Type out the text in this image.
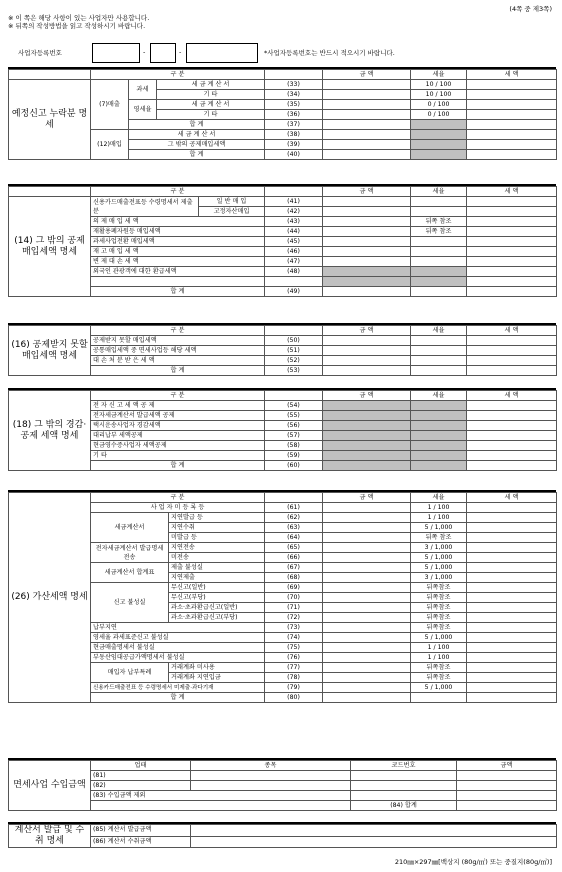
(4쪽 중 제3쪽)
※ 이 쪽은 해당 사항이 있는 사업자만 사용합니다.
※ 뒤쪽의 작성방법을 읽고 작성하시기 바랍니다.
사업자등록번호	-	-	*사업자등록번호는 반드시 적으시기 바랍니다.
	구 분				금 액	세율	세 액
예정신고 누락분 명세	(7)매출	과세	세 금 계 산 서	(33)		10 / 100	
			기 타	(34)		10 / 100	
		영세율	세 금 계 산 서	(35)		0 / 100	
			기 타	(36)		0 / 100	
		합 계		(37)			
	(12)매입	세 금 계 산 서		(38)			
		그 밖의 공제매입세액		(39)			
		합 계		(40)			
	구 분			금 액	세율	세 액
(14) 그 밖의 공제 매입세액 명세	신용카드매출전표등 수령명세서 제출분	일 반 매 입	(41)			
		고정자산매입	(42)			
	의 제 매 입 세 액		(43)		뒤쪽 참조	
	재활용폐자원등 매입세액		(44)		뒤쪽 참조	
	과세사업전환 매입세액		(45)			
	재 고 매 입 세 액		(46)			
	변 제 대 손 세 액		(47)			
	외국인 관광객에 대한 환급세액		(48)			

	합 계		(49)			
(16) 공제받지 못할 매입세액 명세	구 분		금 액	세율	세 액
	공제받지 못할 매입세액	(50)			
	공통매입세액 중 면세사업등 해당 세액	(51)			
	대 손 처 분 받 은 세 액	(52)			
	합 계	(53)			
(18) 그 밖의 경감·공제 세액 명세	구 분		금 액	세율	세 액
	전 자 신 고 세 액 공 제	(54)			
	전자세금계산서 발급세액 공제	(55)			
	택시운송사업자 경감세액	(56)			
	대리납부 세액공제	(57)			
	현금영수증사업자 세액공제	(58)			
	기 타	(59)			
	합 계	(60)			
(26) 가산세액 명세	구 분			금 액	세율	세 액
	사 업 자 미 등 록 등		(61)		1 / 100	
	세금계산서	지연발급 등	(62)		1 / 100	
		지연수취	(63)		5 / 1,000	
		미발급 등	(64)		뒤쪽 참조	
	전자세금계산서 발급명세 전송	지연전송	(65)		3 / 1,000	
		미전송	(66)		5 / 1,000	
	세금계산서 합계표	제출 불성실	(67)		5 / 1,000	
		지연제출	(68)		3 / 1,000	
	신고 불성실	무신고(일반)	(69)		뒤쪽참조	
		무신고(부당)	(70)		뒤쪽참조	
		과소·초과환급신고(일반)	(71)		뒤쪽참조	
		과소·초과환급신고(부당)	(72)		뒤쪽참조	
	납부지연		(73)		뒤쪽참조	
	영세율 과세표준신고 불성실		(74)		5 / 1,000	
	현금매출명세서 불성실		(75)		1 / 100	
	부동산임대공급가액명세서 불성실		(76)		1 / 100	
	매입자 납부특례	거래계좌 미사용	(77)		뒤쪽참조	
		거래계좌 지연입금	(78)		뒤쪽참조	
	신용카드매출전표 등 수령명세서 미제출·과다기재		(79)		5 / 1,000	
	합 계		(80)			
면세사업 수입금액	업태	종목	코드번호	금액
	(81)			
	(82)			
	(83) 수입금액 제외			
			(84) 합계	
계산서 발급 및 수취 명세	(85) 계산서 발급금액	
	(86) 계산서 수취금액	
210㎜×297㎜[백상지 (80g/㎡) 또는 중질지(80g/㎡)]
